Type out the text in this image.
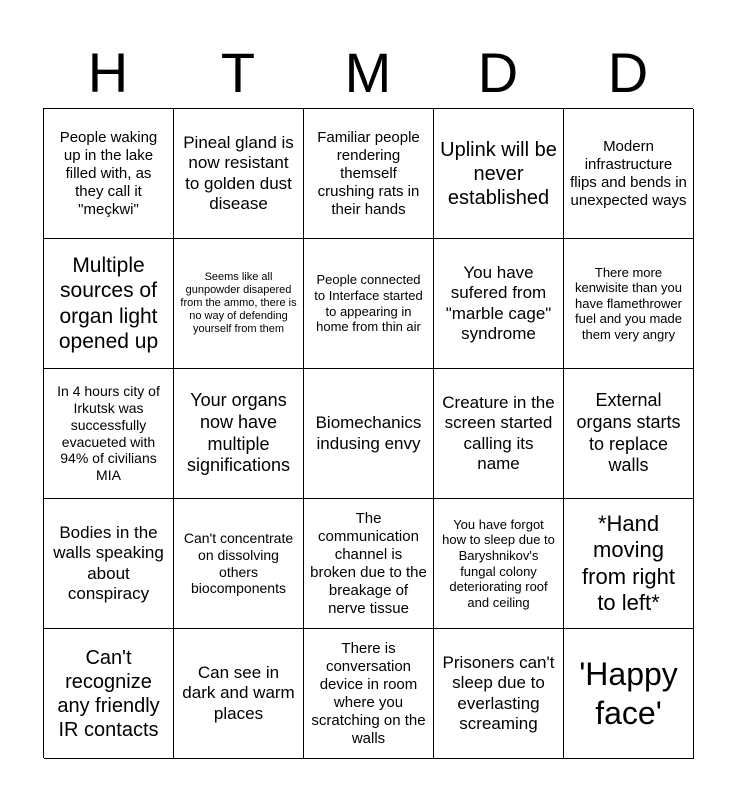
H	T	M	D	D
People waking up in the lake filled with, as they call it "meçkwi"
Pineal gland is now resistant to golden dust disease
Familiar people rendering themself crushing rats in their hands
Uplink will be never established
Modern infrastructure flips and bends in unexpected ways
Multiple sources of organ light opened up
Seems like all gunpowder disapered from the ammo, there is no way of defending yourself from them
People connected to Interface started to appearing in home from thin air
You have sufered from "marble cage" syndrome
There more kenwisite than you have flamethrower fuel and you made them very angry
In 4 hours city of Irkutsk was successfully evacueted with 94% of civilians MIA
Your organs now have multiple significations
Biomechanics indusing envy
Creature in the screen started calling its name
External organs starts to replace walls
Bodies in the walls speaking about conspiracy
Can't concentrate on dissolving others biocomponents
The communication channel is broken due to the breakage of nerve tissue
You have forgot how to sleep due to Baryshnikov's fungal colony deteriorating roof and ceiling
*Hand moving from right to left*
Can't recognize any friendly IR contacts
Can see in dark and warm places
There is conversation device in room where you scratching on the walls
Prisoners can't sleep due to everlasting screaming
'Happy face'
